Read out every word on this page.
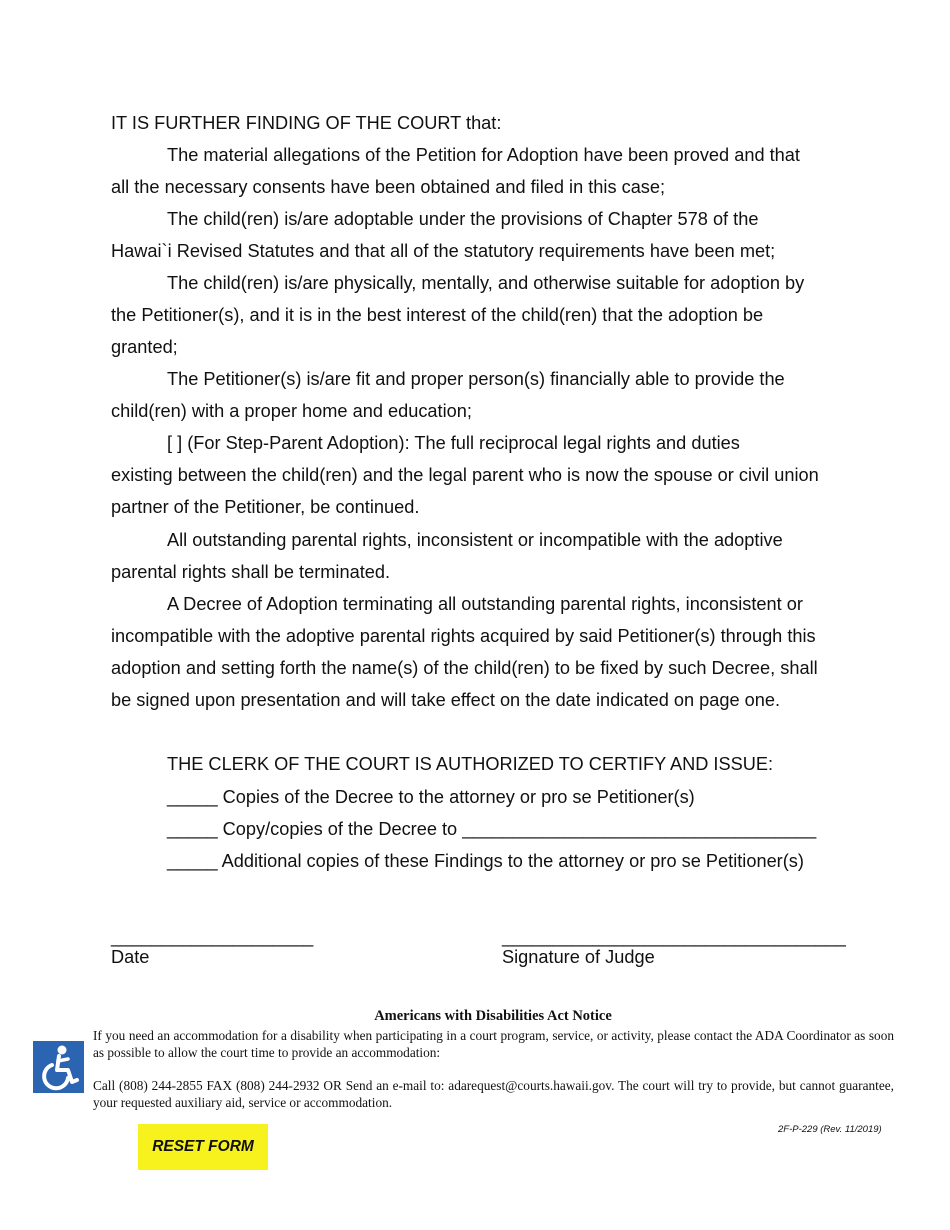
IT IS FURTHER FINDING OF THE COURT that:
The material allegations of the Petition for Adoption have been proved and that
all the necessary consents have been obtained and filed in this case;
The child(ren) is/are adoptable under the provisions of Chapter 578 of the
Hawai`i Revised Statutes and that all of the statutory requirements have been met;
The child(ren) is/are physically, mentally, and otherwise suitable for adoption by
the Petitioner(s), and it is in the best interest of the child(ren) that the adoption be
granted;
The Petitioner(s) is/are fit and proper person(s) financially able to provide the
child(ren) with a proper home and education;
[ ] (For Step-Parent Adoption): The full reciprocal legal rights and duties
existing between the child(ren) and the legal parent who is now the spouse or civil union
partner of the Petitioner, be continued.
All outstanding parental rights, inconsistent or incompatible with the adoptive
parental rights shall be terminated.
A Decree of Adoption terminating all outstanding parental rights, inconsistent or
incompatible with the adoptive parental rights acquired by said Petitioner(s) through this
adoption and setting forth the name(s) of the child(ren) to be fixed by such Decree, shall
be signed upon presentation and will take effect on the date indicated on page one.
THE CLERK OF THE COURT IS AUTHORIZED TO CERTIFY AND ISSUE:
_____ Copies of the Decree to the attorney or pro se Petitioner(s)
_____ Copy/copies of the Decree to ___________________________________
_____ Additional copies of these Findings to the attorney or pro se Petitioner(s)
____________________
Date
__________________________________
Signature of Judge
Americans with Disabilities Act Notice
If you need an accommodation for a disability when participating in a court program, service, or activity, please contact the ADA Coordinator as soon as possible to allow the court time to provide an accommodation:
Call (808) 244-2855 FAX (808) 244-2932 OR Send an e-mail to: adarequest@courts.hawaii.gov. The court will try to provide, but cannot guarantee, your requested auxiliary aid, service or accommodation.
RESET FORM
2F-P-229 (Rev. 11/2019)
